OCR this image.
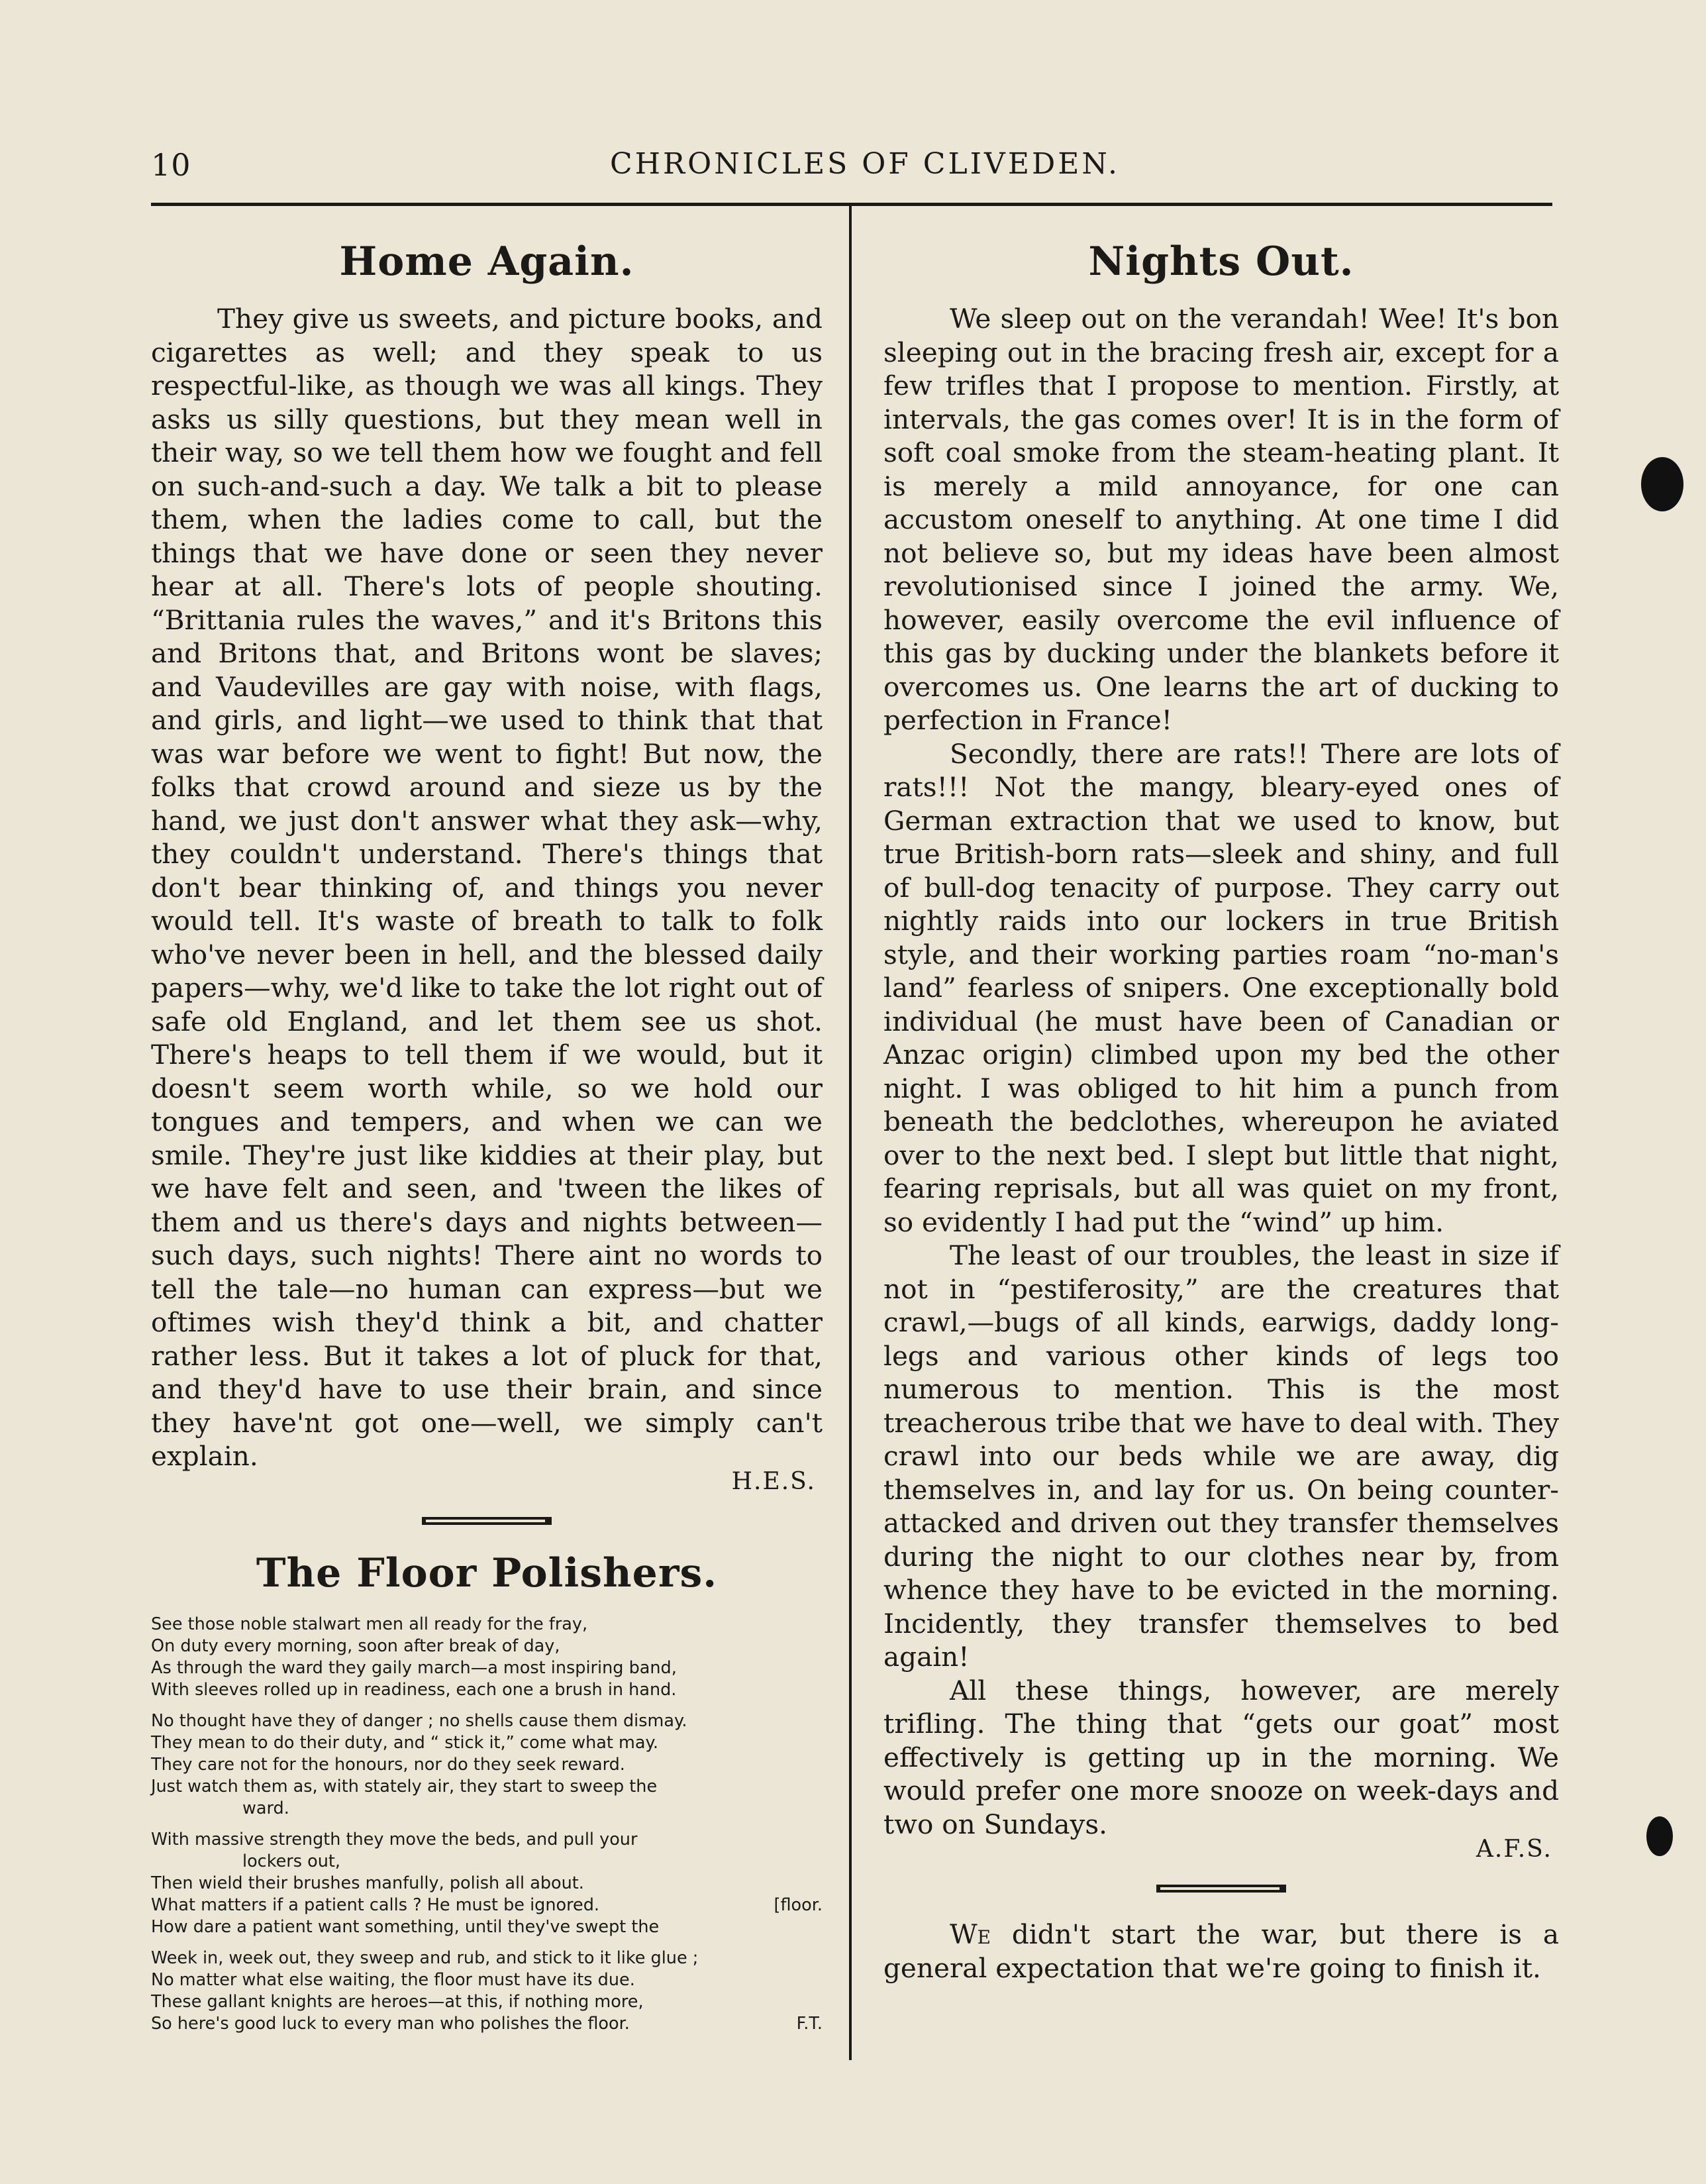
10	CHRONICLES OF CLIVEDEN.
Home Again.

They give us sweets, and picture books, and cigarettes as well; and they speak to us respectful-like, as though we was all kings. They asks us silly questions, but they mean well in their way, so we tell them how we fought and fell on such-and-such a day. We talk a bit to please them, when the ladies come to call, but the things that we have done or seen they never hear at all. There's lots of people shouting. “Brittania rules the waves,” and it's Britons this and Britons that, and Britons wont be slaves; and Vaudevilles are gay with noise, with flags, and girls, and light—we used to think that that was war before we went to fight! But now, the folks that crowd around and sieze us by the hand, we just don't answer what they ask—why, they couldn't understand. There's things that don't bear thinking of, and things you never would tell. It's waste of breath to talk to folk who've never been in hell, and the blessed daily papers—why, we'd like to take the lot right out of safe old England, and let them see us shot. There's heaps to tell them if we would, but it doesn't seem worth while, so we hold our tongues and tempers, and when we can we smile. They're just like kiddies at their play, but we have felt and seen, and 'tween the likes of them and us there's days and nights between—such days, such nights! There aint no words to tell the tale—no human can express—but we oftimes wish they'd think a bit, and chatter rather less. But it takes a lot of pluck for that, and they'd have to use their brain, and since they have'nt got one—well, we simply can't explain.

H.E.S.
The Floor Polishers.
See those noble stalwart men all ready for the fray,
On duty every morning, soon after break of day,
As through the ward they gaily march—a most inspiring band,
With sleeves rolled up in readiness, each one a brush in hand.
No thought have they of danger ; no shells cause them dismay.
They mean to do their duty, and “ stick it,” come what may.
They care not for the honours, nor do they seek reward.
Just watch them as, with stately air, they start to sweep the
ward.
With massive strength they move the beds, and pull your
lockers out,
Then wield their brushes manfully, polish all about.
What matters if a patient calls ? He must be ignored.	[floor.
How dare a patient want something, until they've swept the
Week in, week out, they sweep and rub, and stick to it like glue ;
No matter what else waiting, the floor must have its due.
These gallant knights are heroes—at this, if nothing more,
So here's good luck to every man who polishes the floor.	F.T.
Nights Out.

We sleep out on the verandah! Wee! It's bon sleeping out in the bracing fresh air, except for a few trifles that I propose to mention. Firstly, at intervals, the gas comes over! It is in the form of soft coal smoke from the steam-heating plant. It is merely a mild annoyance, for one can accustom oneself to anything. At one time I did not believe so, but my ideas have been almost revolutionised since I joined the army. We, however, easily overcome the evil influence of this gas by ducking under the blankets before it overcomes us. One learns the art of ducking to perfection in France!

Secondly, there are rats!! There are lots of rats!!! Not the mangy, bleary-eyed ones of German extraction that we used to know, but true British-born rats—sleek and shiny, and full of bull-dog tenacity of purpose. They carry out nightly raids into our lockers in true British style, and their working parties roam “no-man's land” fearless of snipers. One exceptionally bold individual (he must have been of Canadian or Anzac origin) climbed upon my bed the other night. I was obliged to hit him a punch from beneath the bedclothes, whereupon he aviated over to the next bed. I slept but little that night, fearing reprisals, but all was quiet on my front, so evidently I had put the “wind” up him.

The least of our troubles, the least in size if not in “pestiferosity,” are the creatures that crawl,—bugs of all kinds, earwigs, daddy long-legs and various other kinds of legs too numerous to mention. This is the most treacherous tribe that we have to deal with. They crawl into our beds while we are away, dig themselves in, and lay for us. On being counter-attacked and driven out they transfer themselves during the night to our clothes near by, from whence they have to be evicted in the morning. Incidently, they transfer themselves to bed again!

All these things, however, are merely trifling. The thing that “gets our goat” most effectively is getting up in the morning. We would prefer one more snooze on week-days and two on Sundays.

A.F.S.

We didn't start the war, but there is a general expectation that we're going to finish it.
